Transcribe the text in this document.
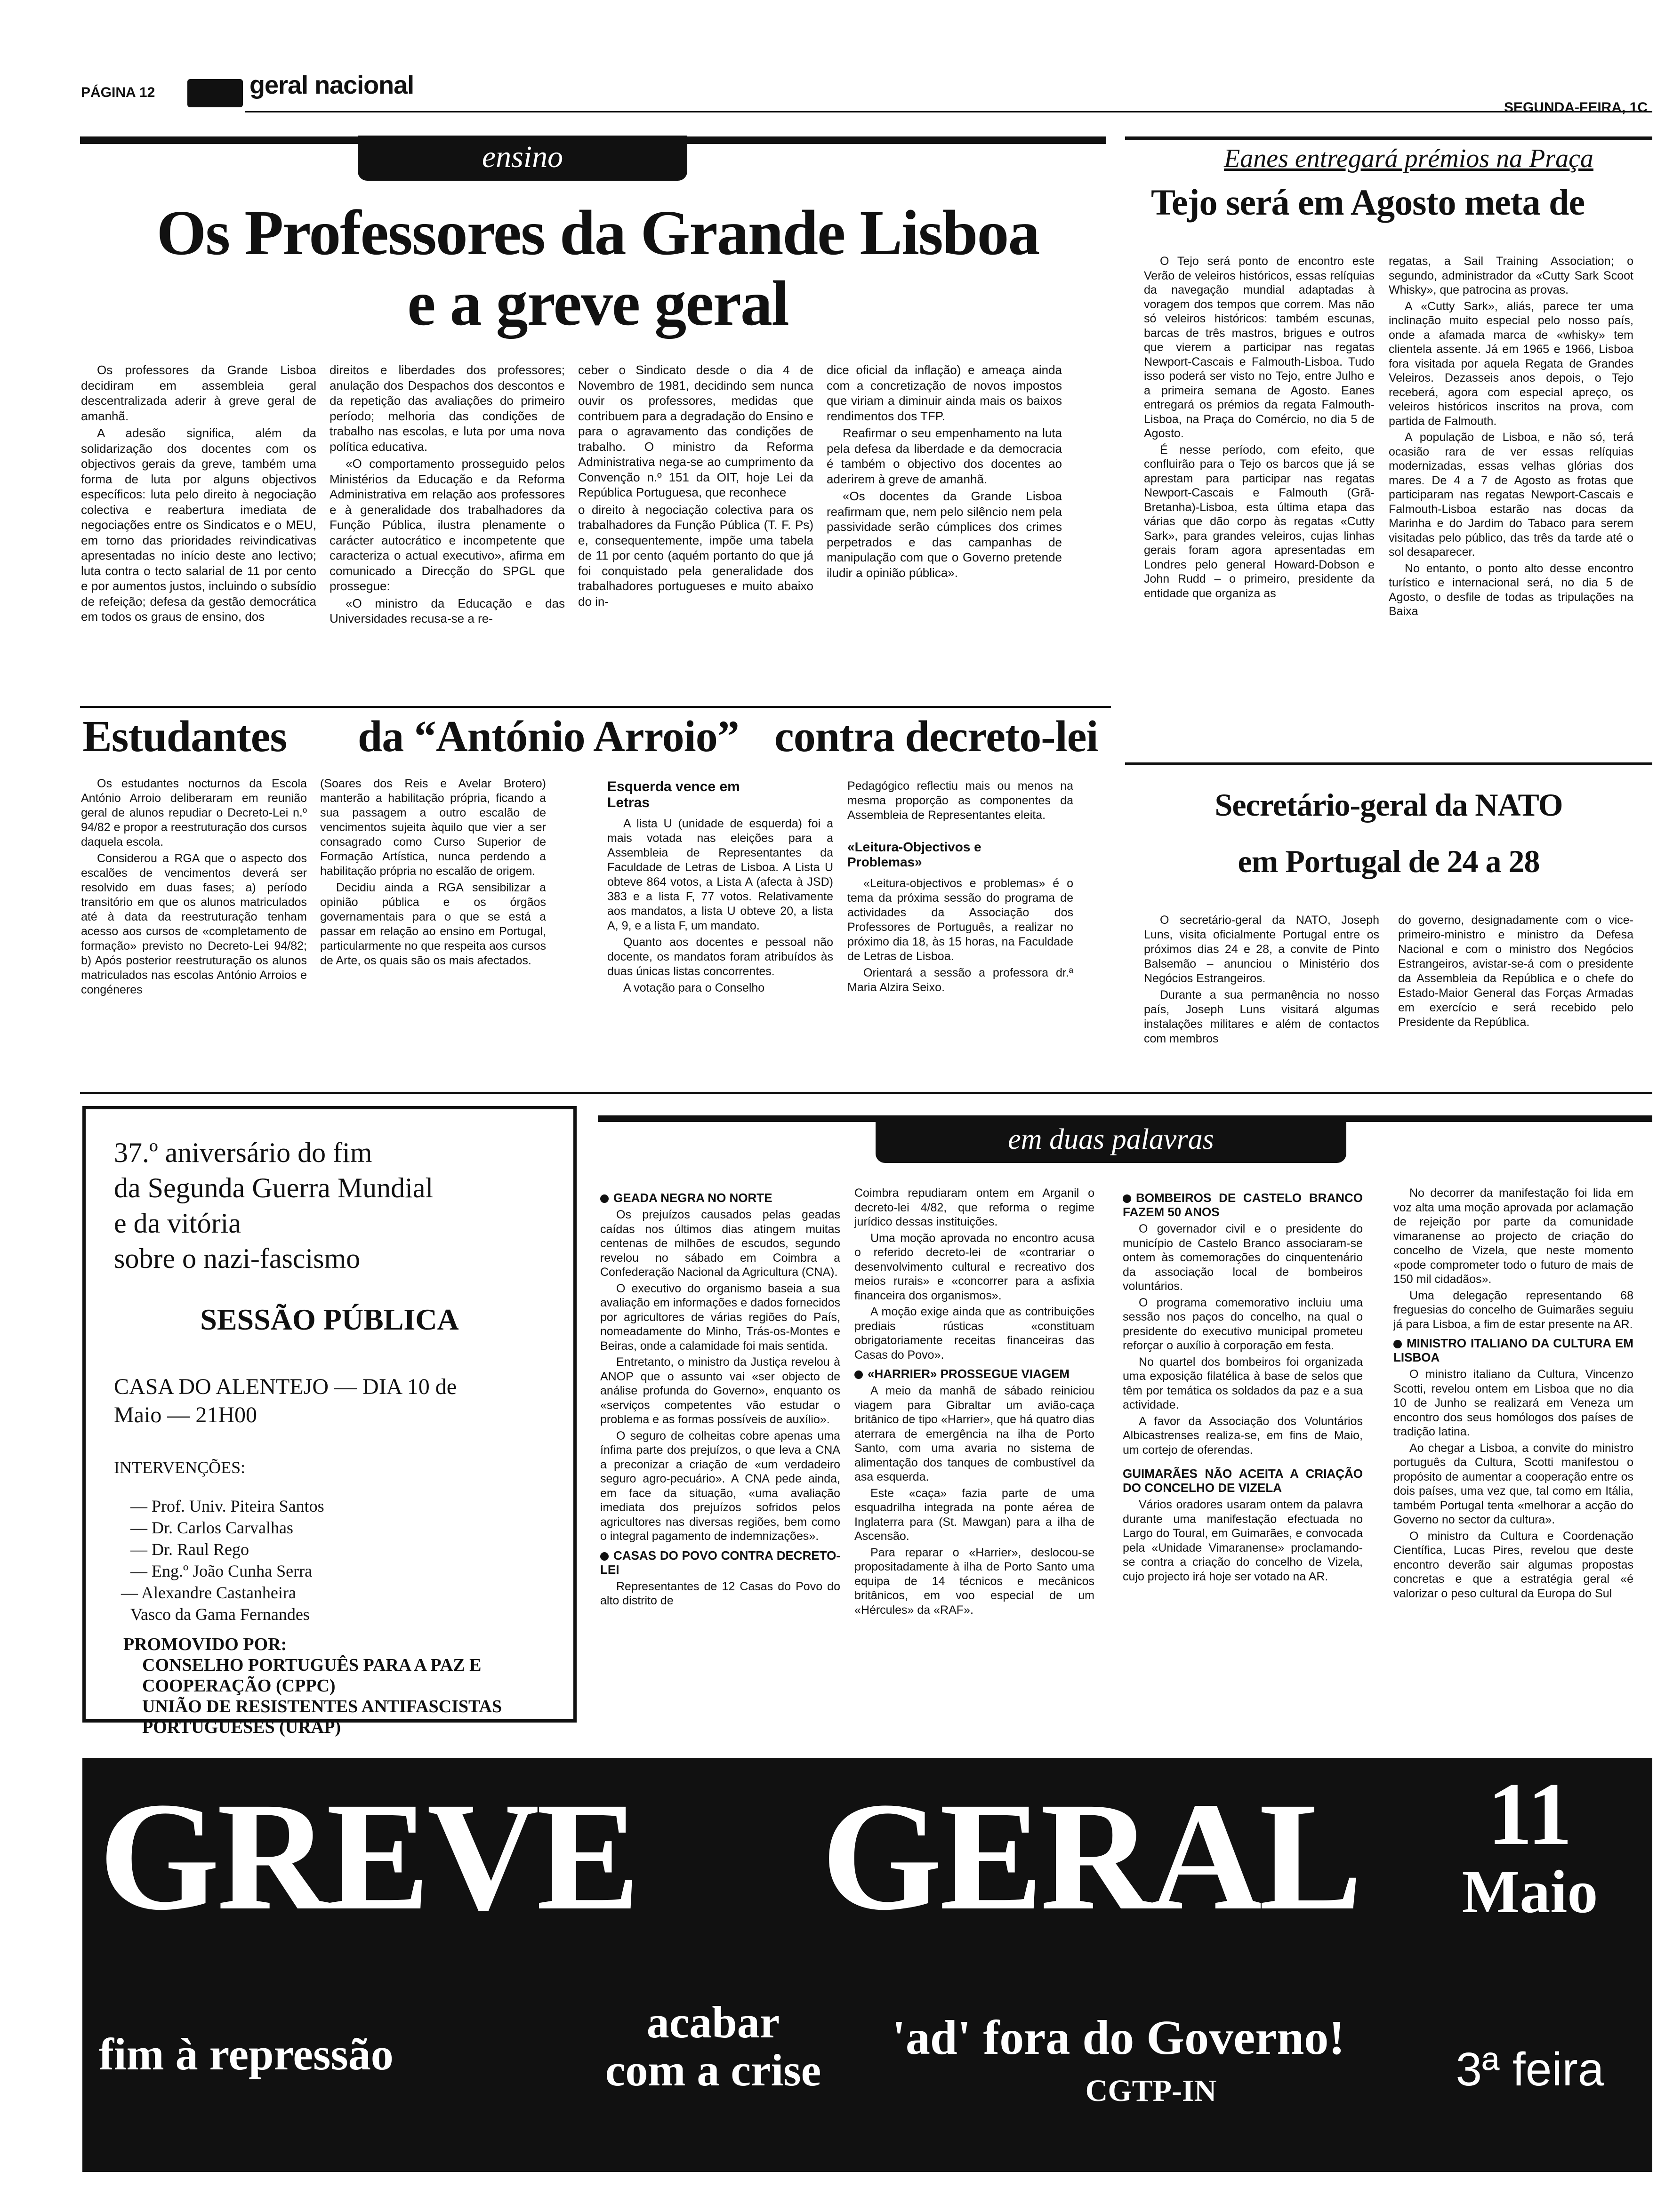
PÁGINA 12	geral nacional
SEGUNDA-FEIRA, 1C
ensino
Os Professores da Grande Lisboa
e a greve geral

Os professores da Grande Lisboa decidiram em assembleia geral descentralizada aderir à greve geral de amanhã.

A adesão significa, além da solidarização dos docentes com os objectivos gerais da greve, também uma forma de luta por alguns objectivos específicos: luta pelo direito à negociação colectiva e reabertura imediata de negociações entre os Sindicatos e o MEU, em torno das prioridades reivindicativas apresentadas no início deste ano lectivo; luta contra o tecto salarial de 11 por cento e por aumentos justos, incluindo o subsídio de refeição; defesa da gestão democrática em todos os graus de ensino, dos

direitos e liberdades dos professores; anulação dos Despachos dos descontos e da repetição das avaliações do primeiro período; melhoria das condições de trabalho nas escolas, e luta por uma nova política educativa.

«O comportamento prosseguido pelos Ministérios da Educação e da Reforma Administrativa em relação aos professores e à generalidade dos trabalhadores da Função Pública, ilustra plenamente o carácter autocrático e incompetente que caracteriza o actual executivo», afirma em comunicado a Direcção do SPGL que prossegue:

«O ministro da Educação e das Universidades recusa-se a re-

ceber o Sindicato desde o dia 4 de Novembro de 1981, decidindo sem nunca ouvir os professores, medidas que contribuem para a degradação do Ensino e para o agravamento das condições de trabalho. O ministro da Reforma Administrativa nega-se ao cumprimento da Convenção n.º 151 da OIT, hoje Lei da República Portuguesa, que reconhece

o direito à negociação colectiva para os trabalhadores da Função Pública (T. F. Ps) e, consequentemente, impõe uma tabela de 11 por cento (aquém portanto do que já foi conquistado pela generalidade dos trabalhadores portugueses e muito abaixo do in-

dice oficial da inflação) e ameaça ainda com a concretização de novos impostos que viriam a diminuir ainda mais os baixos rendimentos dos TFP.

Reafirmar o seu empenhamento na luta pela defesa da liberdade e da democracia é também o objectivo dos docentes ao aderirem à greve de amanhã.

«Os docentes da Grande Lisboa reafirmam que, nem pelo silêncio nem pela passividade serão cúmplices dos crimes perpetrados e das campanhas de manipulação com que o Governo pretende iludir a opinião pública».

Eanes entregará prémios na Praça
Tejo será em Agosto meta de

O Tejo será ponto de encontro este Verão de veleiros históricos, essas relíquias da navegação mundial adaptadas à voragem dos tempos que correm. Mas não só veleiros históricos: também escunas, barcas de três mastros, brigues e outros que vierem a participar nas regatas Newport-Cascais e Falmouth-Lisboa. Tudo isso poderá ser visto no Tejo, entre Julho e a primeira semana de Agosto. Eanes entregará os prémios da regata Falmouth-Lisboa, na Praça do Comércio, no dia 5 de Agosto.

É nesse período, com efeito, que confluirão para o Tejo os barcos que já se aprestam para participar nas regatas Newport-Cascais e Falmouth (Grã-Bretanha)-Lisboa, esta última etapa das várias que dão corpo às regatas «Cutty Sark», para grandes veleiros, cujas linhas gerais foram agora apresentadas em Londres pelo general Howard-Dobson e John Rudd – o primeiro, presidente da entidade que organiza as

regatas, a Sail Training Association; o segundo, administrador da «Cutty Sark Scoot Whisky», que patrocina as provas.

A «Cutty Sark», aliás, parece ter uma inclinação muito especial pelo nosso país, onde a afamada marca de «whisky» tem clientela assente. Já em 1965 e 1966, Lisboa fora visitada por aquela Regata de Grandes Veleiros. Dezasseis anos depois, o Tejo receberá, agora com especial apreço, os veleiros históricos inscritos na prova, com partida de Falmouth.

A população de Lisboa, e não só, terá ocasião rara de ver essas relíquias modernizadas, essas velhas glórias dos mares. De 4 a 7 de Agosto as frotas que participaram nas regatas Newport-Cascais e Falmouth-Lisboa estarão nas docas da Marinha e do Jardim do Tabaco para serem visitadas pelo público, das três da tarde até o sol desaparecer.

No entanto, o ponto alto desse encontro turístico e internacional será, no dia 5 de Agosto, o desfile de todas as tripulações na Baixa

Estudantes da “António Arroio” contra decreto-lei

Os estudantes nocturnos da Escola António Arroio deliberaram em reunião geral de alunos repudiar o Decreto-Lei n.º 94/82 e propor a reestruturação dos cursos daquela escola.

Considerou a RGA que o aspecto dos escalões de vencimentos deverá ser resolvido em duas fases; a) período transitório em que os alunos matriculados até à data da reestruturação tenham acesso aos cursos de «completamento de formação» previsto no Decreto-Lei 94/82; b) Após posterior reestruturação os alunos matriculados nas escolas António Arroios e congéneres

(Soares dos Reis e Avelar Brotero) manterão a habilitação própria, ficando a sua passagem a outro escalão de vencimentos sujeita àquilo que vier a ser consagrado como Curso Superior de Formação Artística, nunca perdendo a habilitação própria no escalão de origem.

Decidiu ainda a RGA sensibilizar a opinião pública e os órgãos governamentais para o que se está a passar em relação ao ensino em Portugal, particularmente no que respeita aos cursos de Arte, os quais são os mais afectados.

Esquerda vence em Letras

A lista U (unidade de esquerda) foi a mais votada nas eleições para a Assembleia de Representantes da Faculdade de Letras de Lisboa. A Lista U obteve 864 votos, a Lista A (afecta à JSD) 383 e a lista F, 77 votos. Relativamente aos mandatos, a lista U obteve 20, a lista A, 9, e a lista F, um mandato.

Quanto aos docentes e pessoal não docente, os mandatos foram atribuídos às duas únicas listas concorrentes.

A votação para o Conselho

Pedagógico reflectiu mais ou menos na mesma proporção as componentes da Assembleia de Representantes eleita.

«Leitura-Objectivos e Problemas»

«Leitura-objectivos e problemas» é o tema da próxima sessão do programa de actividades da Associação dos Professores de Português, a realizar no próximo dia 18, às 15 horas, na Faculdade de Letras de Lisboa.

Orientará a sessão a professora dr.ª Maria Alzira Seixo.

Secretário-geral da NATO
em Portugal de 24 a 28

O secretário-geral da NATO, Joseph Luns, visita oficialmente Portugal entre os próximos dias 24 e 28, a convite de Pinto Balsemão – anunciou o Ministério dos Negócios Estrangeiros.

Durante a sua permanência no nosso país, Joseph Luns visitará algumas instalações militares e além de contactos com membros

do governo, designadamente com o vice-primeiro-ministro e ministro da Defesa Nacional e com o ministro dos Negócios Estrangeiros, avistar-se-á com o presidente da Assembleia da República e o chefe do Estado-Maior General das Forças Armadas em exercício e será recebido pelo Presidente da República.

37.º aniversário do fim
da Segunda Guerra Mundial
e da vitória
sobre o nazi-fascismo
SESSÃO PÚBLICA
CASA DO ALENTEJO — DIA 10 de
Maio — 21H00
INTERVENÇÕES:
— Prof. Univ. Piteira Santos
— Dr. Carlos Carvalhas
— Dr. Raul Rego
— Eng.º João Cunha Serra
— Alexandre Castanheira
Vasco da Gama Fernandes
PROMOVIDO POR:
CONSELHO PORTUGUÊS PARA A PAZ E
COOPERAÇÃO (CPPC)
UNIÃO DE RESISTENTES ANTIFASCISTAS
PORTUGUESES (URAP)
em duas palavras
GEADA NEGRA NO NORTE

Os prejuízos causados pelas geadas caídas nos últimos dias atingem muitas centenas de milhões de escudos, segundo revelou no sábado em Coimbra a Confederação Nacional da Agricultura (CNA).

O executivo do organismo baseia a sua avaliação em informações e dados fornecidos por agricultores de várias regiões do País, nomeadamente do Minho, Trás-os-Montes e Beiras, onde a calamidade foi mais sentida.

Entretanto, o ministro da Justiça revelou à ANOP que o assunto vai «ser objecto de análise profunda do Governo», enquanto os «serviços competentes vão estudar o problema e as formas possíveis de auxílio».

O seguro de colheitas cobre apenas uma ínfima parte dos prejuízos, o que leva a CNA a preconizar a criação de «um verdadeiro seguro agro-pecuário». A CNA pede ainda, em face da situação, «uma avaliação imediata dos prejuízos sofridos pelos agricultores nas diversas regiões, bem como o integral pagamento de indemnizações».

CASAS DO POVO CONTRA DECRETO-LEI

Representantes de 12 Casas do Povo do alto distrito de

Coimbra repudiaram ontem em Arganil o decreto-lei 4/82, que reforma o regime jurídico dessas instituições.

Uma moção aprovada no encontro acusa o referido decreto-lei de «contrariar o desenvolvimento cultural e recreativo dos meios rurais» e «concorrer para a asfixia financeira dos organismos».

A moção exige ainda que as contribuições prediais rústicas «constituam obrigatoriamente receitas financeiras das Casas do Povo».

«HARRIER» PROSSEGUE VIAGEM

A meio da manhã de sábado reiniciou viagem para Gibraltar um avião-caça britânico de tipo «Harrier», que há quatro dias aterrara de emergência na ilha de Porto Santo, com uma avaria no sistema de alimentação dos tanques de combustível da asa esquerda.

Este «caça» fazia parte de uma esquadrilha integrada na ponte aérea de Inglaterra para (St. Mawgan) para a ilha de Ascensão.

Para reparar o «Harrier», deslocou-se propositadamente à ilha de Porto Santo uma equipa de 14 técnicos e mecânicos britânicos, em voo especial de um «Hércules» da «RAF».

BOMBEIROS DE CASTELO BRANCO FAZEM 50 ANOS

O governador civil e o presidente do município de Castelo Branco associaram-se ontem às comemorações do cinquentenário da associação local de bombeiros voluntários.

O programa comemorativo incluiu uma sessão nos paços do concelho, na qual o presidente do executivo municipal prometeu reforçar o auxílio à corporação em festa.

No quartel dos bombeiros foi organizada uma exposição filatélica à base de selos que têm por temática os soldados da paz e a sua actividade.

A favor da Associação dos Voluntários Albicastrenses realiza-se, em fins de Maio, um cortejo de oferendas.

GUIMARÃES NÃO ACEITA A CRIAÇÃO DO CONCELHO DE VIZELA

Vários oradores usaram ontem da palavra durante uma manifestação efectuada no Largo do Toural, em Guimarães, e convocada pela «Unidade Vimaranense» proclamando-se contra a criação do concelho de Vizela, cujo projecto irá hoje ser votado na AR.

No decorrer da manifestação foi lida em voz alta uma moção aprovada por aclamação de rejeição por parte da comunidade vimaranense ao projecto de criação do concelho de Vizela, que neste momento «pode comprometer todo o futuro de mais de 150 mil cidadãos».

Uma delegação representando 68 freguesias do concelho de Guimarães seguiu já para Lisboa, a fim de estar presente na AR.

MINISTRO ITALIANO DA CULTURA EM LISBOA

O ministro italiano da Cultura, Vincenzo Scotti, revelou ontem em Lisboa que no dia 10 de Junho se realizará em Veneza um encontro dos seus homólogos dos países de tradição latina.

Ao chegar a Lisboa, a convite do ministro português da Cultura, Scotti manifestou o propósito de aumentar a cooperação entre os dois países, uma vez que, tal como em Itália, também Portugal tenta «melhorar a acção do Governo no sector da cultura».

O ministro da Cultura e Coordenação Científica, Lucas Pires, revelou que deste encontro deverão sair algumas propostas concretas e que a estratégia geral «é valorizar o peso cultural da Europa do Sul

GREVE GERAL	11
Maio
fim à repressão
acabar
com a crise
'ad' fora do Governo!
CGTP-IN	3ª feira
